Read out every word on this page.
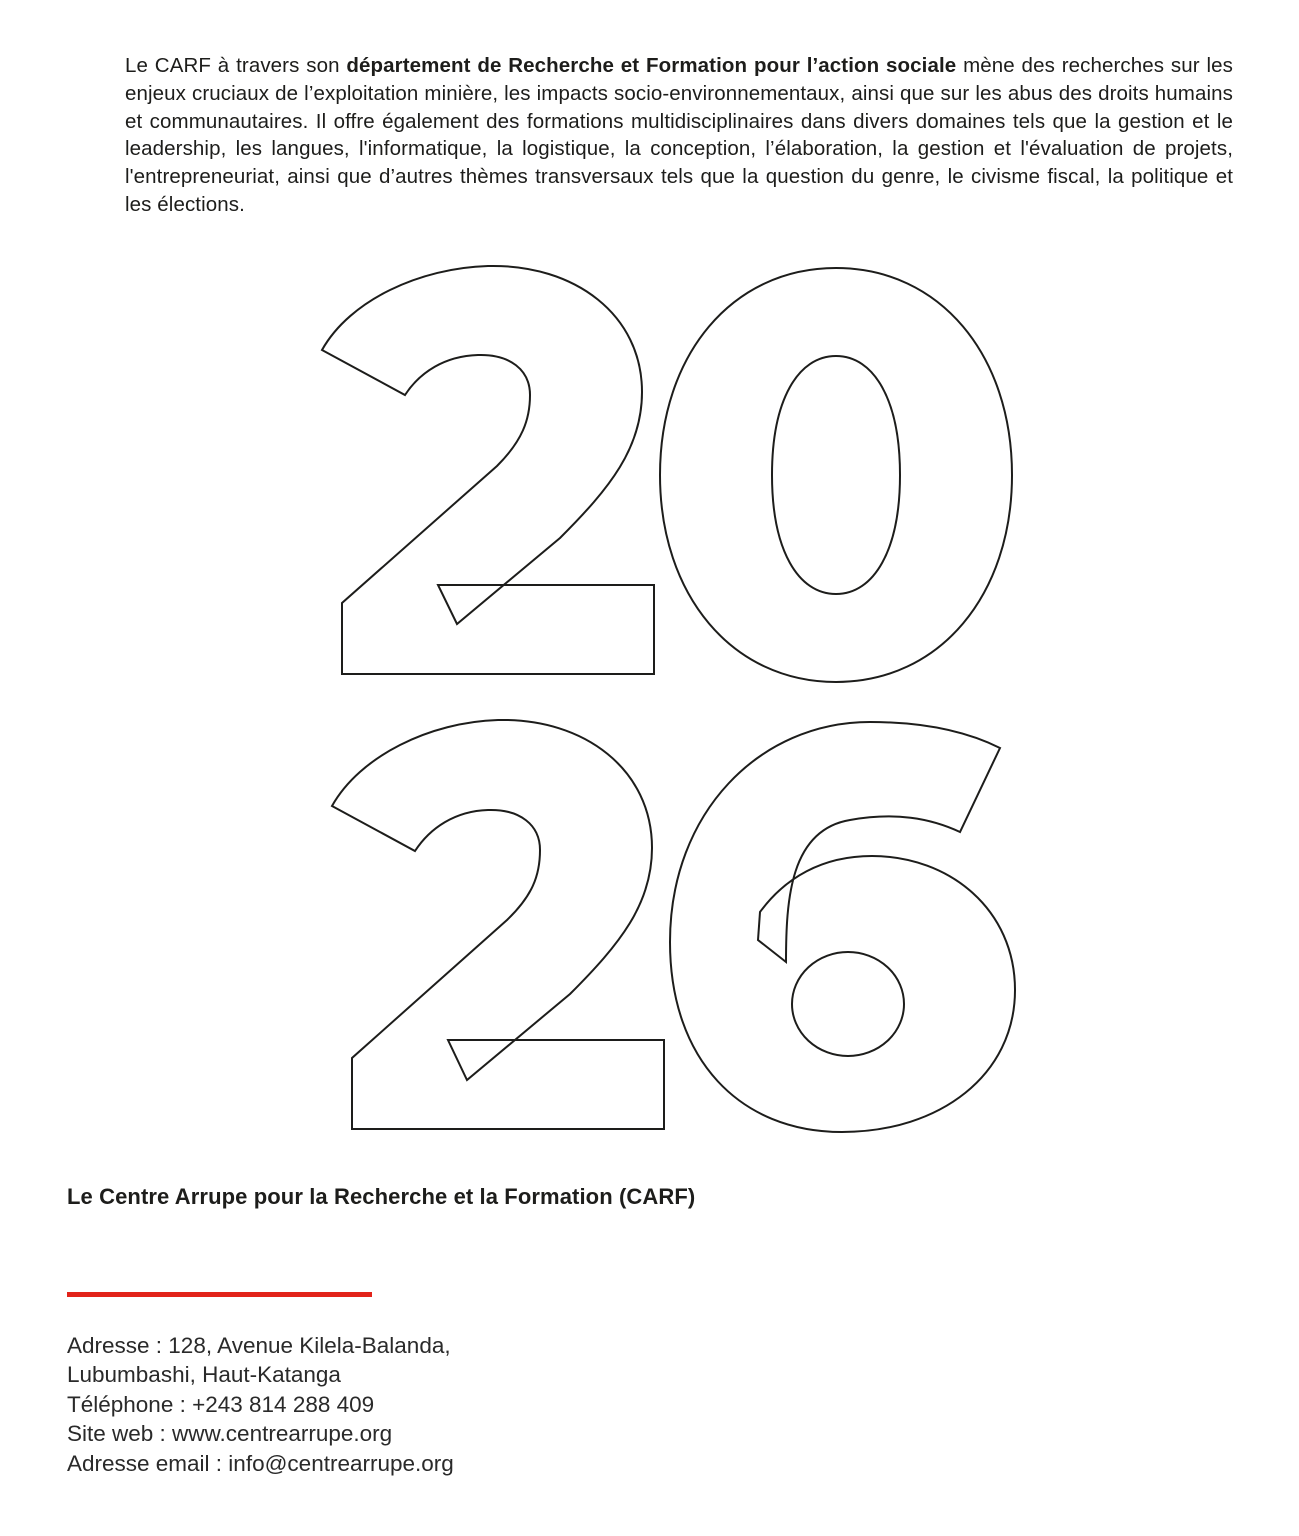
Le CARF à travers son département de Recherche et Formation pour l’action sociale mène des recherches sur les enjeux cruciaux de l’exploitation minière, les impacts socio-environnementaux, ainsi que sur les abus des droits humains et communautaires. Il offre également des formations multidisciplinaires dans divers domaines tels que la gestion et le leadership, les langues, l'informatique, la logistique, la conception, l’élaboration, la gestion et l'évaluation de projets, l'entrepreneuriat, ainsi que d’autres thèmes transversaux tels que la question du genre, le civisme fiscal, la politique et les élections.

Le Centre Arrupe pour la Recherche et la Formation (CARF)
Adresse : 128, Avenue Kilela-Balanda,
Lubumbashi, Haut-Katanga
Téléphone : +243 814 288 409
Site web : www.centrearrupe.org
Adresse email : info@centrearrupe.org
